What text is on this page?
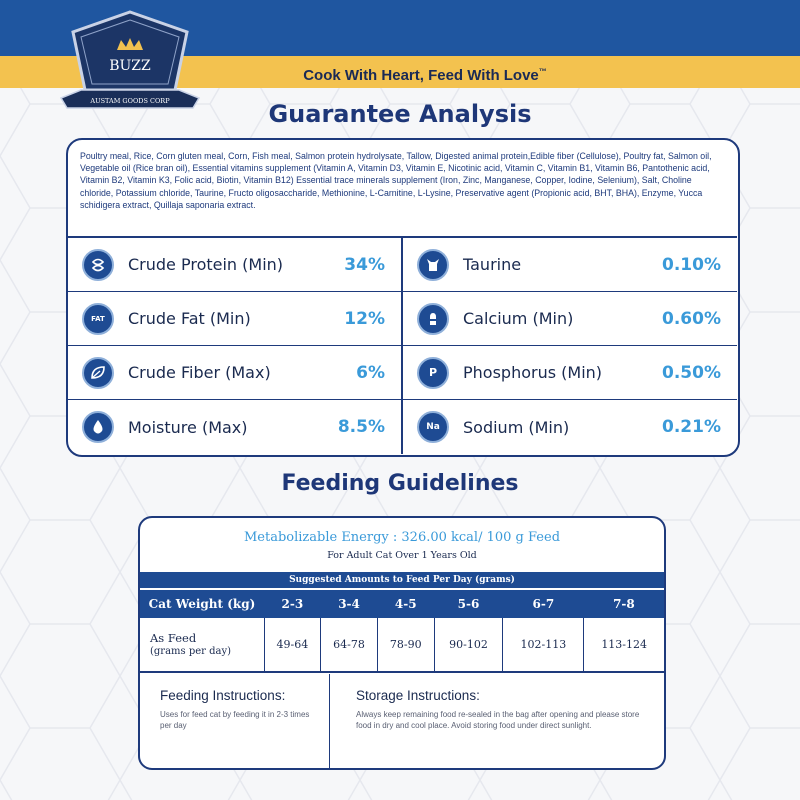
Cook With Heart, Feed With Love™
BUZZ
AUSTAM GOODS CORP	Guarantee Analysis
Poultry meal, Rice, Corn gluten meal, Corn, Fish meal, Salmon protein hydrolysate, Tallow, Digested animal protein,Edible fiber (Cellulose), Poultry fat, Salmon oil, Vegetable oil (Rice bran oil), Essential vitamins supplement (Vitamin A, Vitamin D3, Vitamin E, Nicotinic acid, Vitamin C, Vitamin B1, Vitamin B6, Pantothenic acid, Vitamin B2, Vitamin K3, Folic acid, Biotin, Vitamin B12) Essential trace minerals supplement (Iron, Zinc, Manganese, Copper, Iodine, Selenium), Salt, Choline chloride, Potassium chloride, Taurine, Fructo oligosaccharide, Methionine, L-Carnitine, L-Lysine, Preservative agent (Propionic acid, BHT, BHA), Enzyme, Yucca schidigera extract, Quillaja saponaria extract.
Crude Protein (Min)	34%	Taurine	0.10%
FAT	Crude Fat (Min)	12%	Calcium (Min)	0.60%
Crude Fiber (Max)	6%	P	Phosphorus (Min)	0.50%
Moisture (Max)	8.5%	Na	Sodium (Min)	0.21%
Feeding Guidelines
Metabolizable Energy : 326.00 kcal/ 100 g Feed
For Adult Cat Over 1 Years Old
Suggested Amounts to Feed Per Day (grams)
Cat Weight (kg)	2-3	3-4	4-5	5-6	6-7	7-8
As Feed
(grams per day)	49-64	64-78	78-90	90-102	102-113	113-124
Feeding Instructions:
Uses for feed cat by feeding it in 2-3 times per day
Storage Instructions:
Always keep remaining food re-sealed in the bag after opening and please store food in dry and cool place. Avoid storing food under direct sunlight.
